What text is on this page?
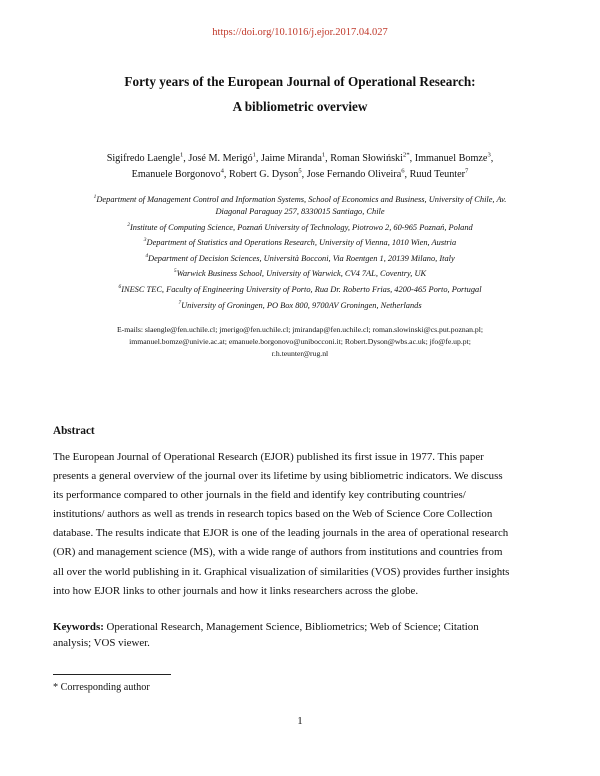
https://doi.org/10.1016/j.ejor.2017.04.027
Forty years of the European Journal of Operational Research:
A bibliometric overview
Sigifredo Laengle$^1$, José M. Merigó$^1$, Jaime Miranda$^1$, Roman Słowiński$^{2*}$, Immanuel Bomze$^3$,
Emanuele Borgonovo$^4$, Robert G. Dyson$^5$, Jose Fernando Oliveira$^6$, Ruud Teunter$^7$
$^1$Department of Management Control and Information Systems, School of Economics and Business, University of Chile, Av.
Diagonal Paraguay 257, 8330015 Santiago, Chile
$^2$Institute of Computing Science, Poznań University of Technology, Piotrowo 2, 60-965 Poznań, Poland
$^3$Department of Statistics and Operations Research, University of Vienna, 1010 Wien, Austria
$^4$Department of Decision Sciences, Università Bocconi, Via Roentgen 1, 20139 Milano, Italy
$^5$Warwick Business School, University of Warwick, CV4 7AL, Coventry, UK
$^6$INESC TEC, Faculty of Engineering University of Porto, Rua Dr. Roberto Frias, 4200-465 Porto, Portugal
$^7$University of Groningen, PO Box 800, 9700AV Groningen, Netherlands
E-mails: slaengle@fen.uchile.cl; jmerigo@fen.uchile.cl; jmirandap@fen.uchile.cl; roman.slowinski@cs.put.poznan.pl;
immanuel.bomze@univie.ac.at; emanuele.borgonovo@unibocconi.it; Robert.Dyson@wbs.ac.uk; jfo@fe.up.pt;
r.h.teunter@rug.nl
Abstract
The European Journal of Operational Research (EJOR) published its first issue in 1977. This paper
presents a general overview of the journal over its lifetime by using bibliometric indicators. We discuss
its performance compared to other journals in the field and identify key contributing countries/
institutions/ authors as well as trends in research topics based on the Web of Science Core Collection
database. The results indicate that EJOR is one of the leading journals in the area of operational research
(OR) and management science (MS), with a wide range of authors from institutions and countries from
all over the world publishing in it. Graphical visualization of similarities (VOS) provides further insights
into how EJOR links to other journals and how it links researchers across the globe.
Keywords: Operational Research, Management Science, Bibliometrics; Web of Science; Citation
analysis; VOS viewer.
* Corresponding author
1
